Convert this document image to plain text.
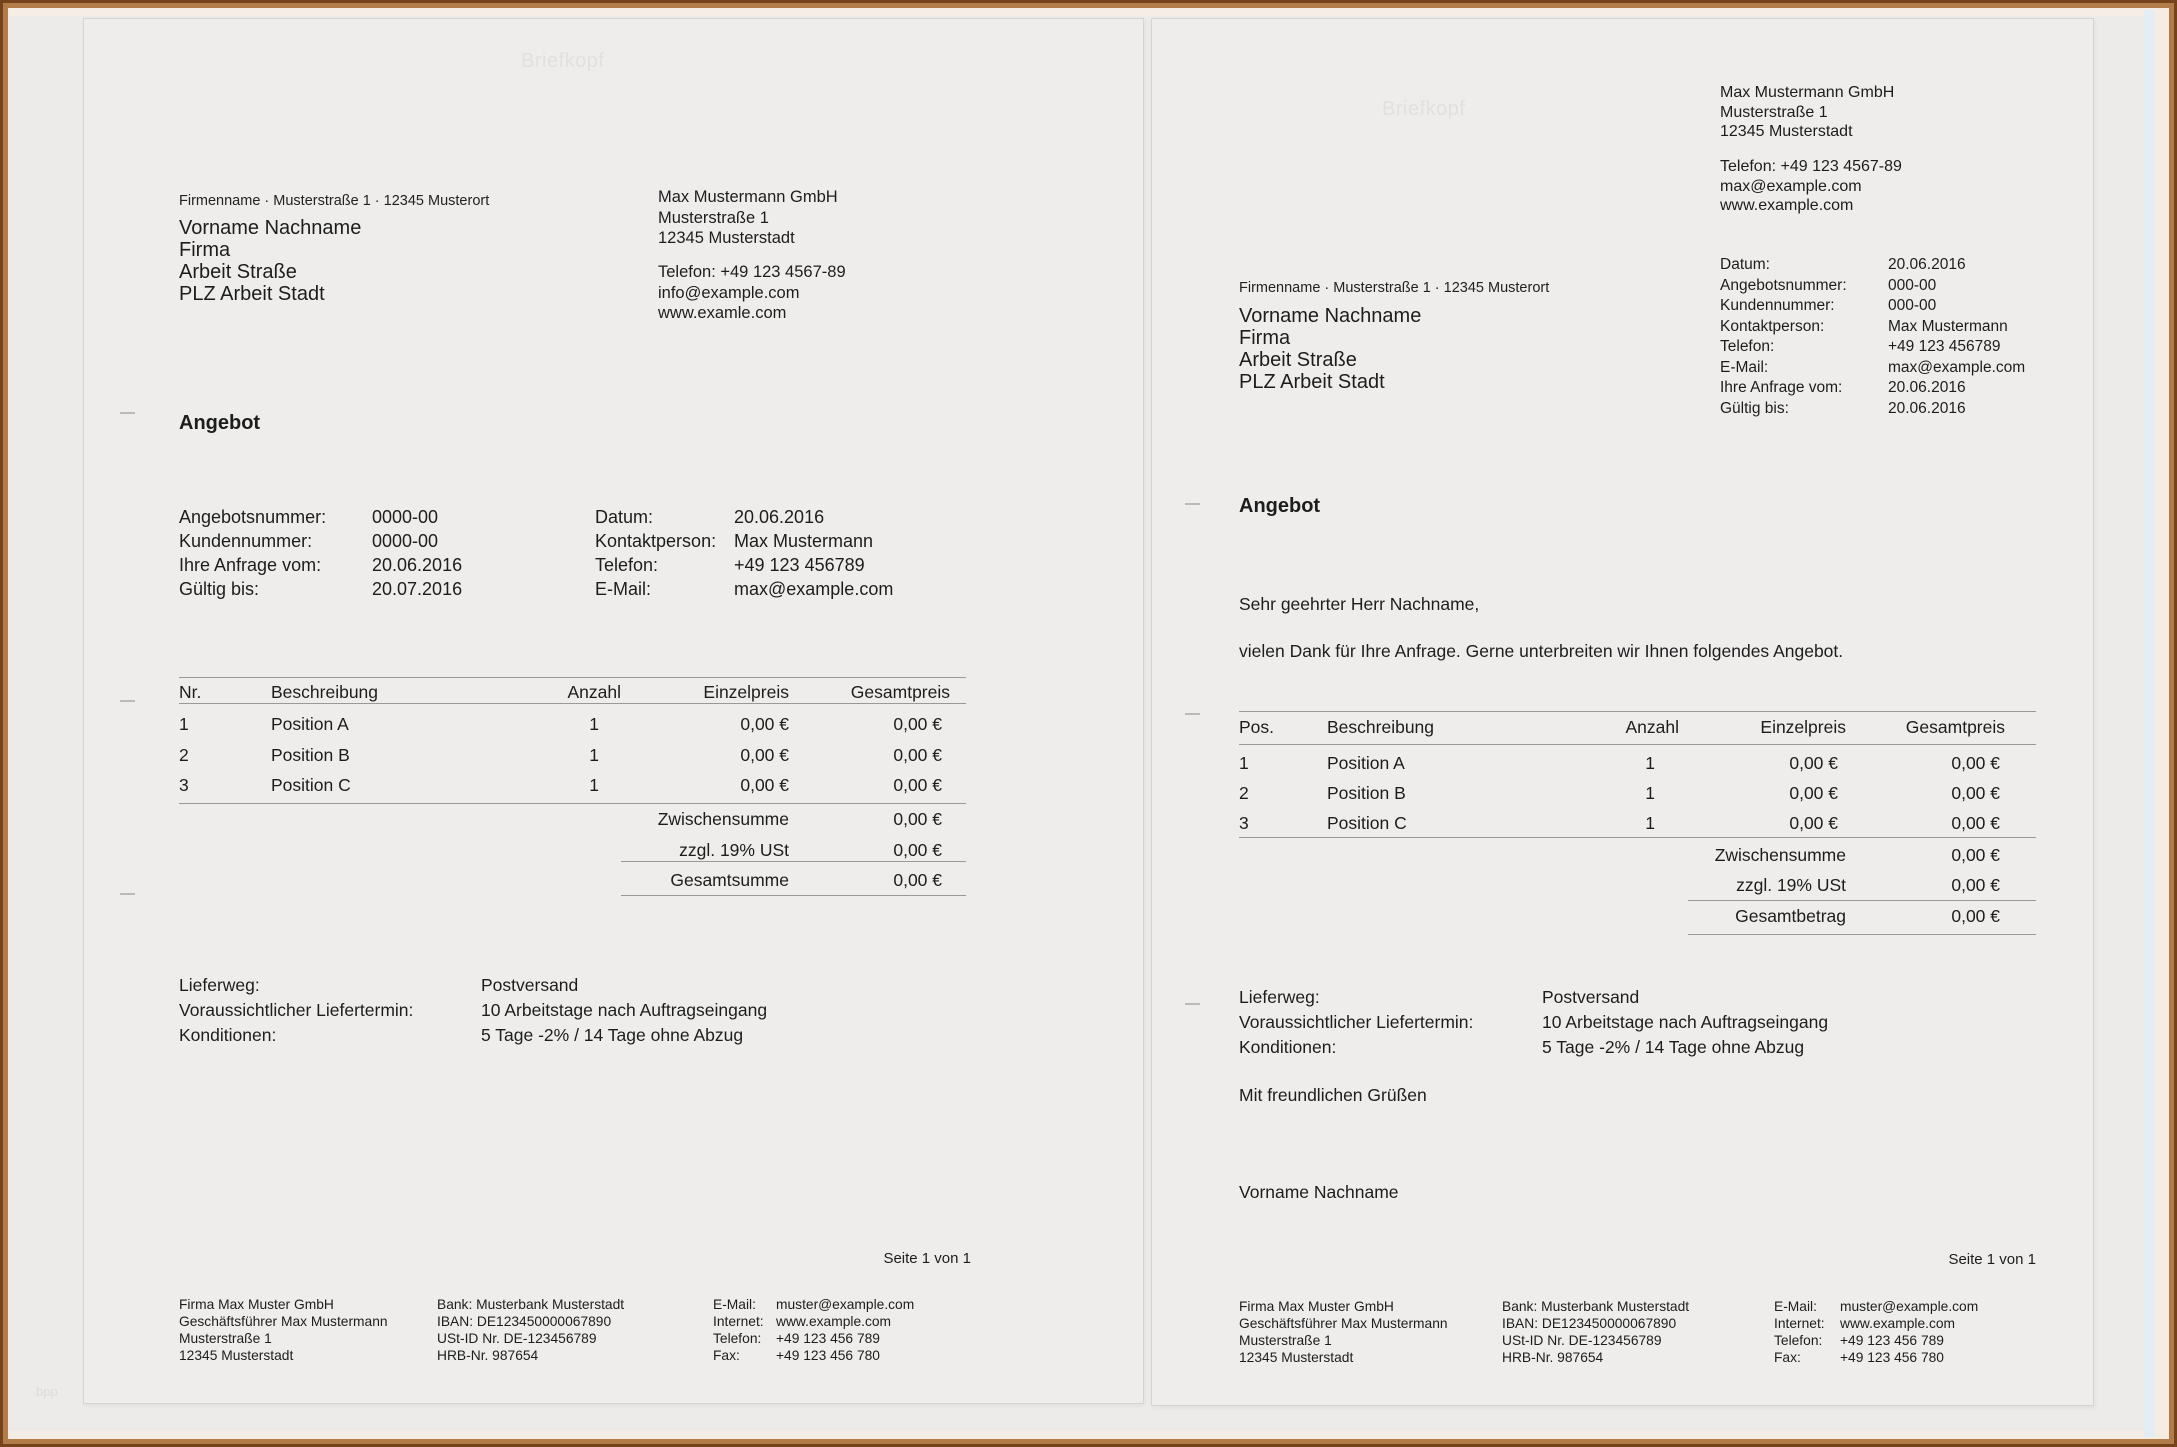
bpp
Briefkopf
Firmenname · Musterstraße 1 · 12345 Musterort
Vorname Nachname
Firma
Arbeit Straße
PLZ Arbeit Stadt
Max Mustermann GmbH
Musterstraße 1
12345 Musterstadt
Telefon: +49 123 4567-89
info@example.com
www.examle.com
Angebot
Angebotsnummer:	0000-00	Datum:	20.06.2016
Kundennummer:	0000-00	Kontaktperson: Max Mustermann
Ihre Anfrage vom:	20.06.2016	Telefon:	+49 123 456789
Gültig bis:	20.07.2016	E-Mail:	max@example.com
Nr.	Beschreibung	Anzahl	Einzelpreis	Gesamtpreis
1	Position A	1	0,00 €	0,00 €
2	Position B	1	0,00 €	0,00 €
3	Position C	1	0,00 €	0,00 €
Zwischensumme	0,00 €
zzgl. 19% USt	0,00 €
Gesamtsumme	0,00 €
Lieferweg:	Postversand
Voraussichtlicher Liefertermin:	10 Arbeitstage nach Auftragseingang
Konditionen:	5 Tage -2% / 14 Tage ohne Abzug
Seite 1 von 1
Firma Max Muster GmbH
Geschäftsführer Max Mustermann
Musterstraße 1
12345 Musterstadt
Bank: Musterbank Musterstadt
IBAN: DE123450000067890
USt-ID Nr. DE-123456789
HRB-Nr. 987654
E-Mail:	muster@example.com
Internet: www.example.com
Telefon:	+49 123 456 789
Fax:	+49 123 456 780
Briefkopf
Max Mustermann GmbH
Musterstraße 1
12345 Musterstadt
Telefon: +49 123 4567-89
max@example.com
www.example.com
Datum:	20.06.2016
Angebotsnummer:	000-00
Kundennummer:	000-00
Kontaktperson:	Max Mustermann
Telefon:	+49 123 456789
E-Mail:	max@example.com
Ihre Anfrage vom:	20.06.2016
Gültig bis:	20.06.2016
Firmenname · Musterstraße 1 · 12345 Musterort
Vorname Nachname
Firma
Arbeit Straße
PLZ Arbeit Stadt
Angebot
Sehr geehrter Herr Nachname,
vielen Dank für Ihre Anfrage. Gerne unterbreiten wir Ihnen folgendes Angebot.
Pos.	Beschreibung	Anzahl	Einzelpreis	Gesamtpreis
1	Position A	1	0,00 €	0,00 €
2	Position B	1	0,00 €	0,00 €
3	Position C	1	0,00 €	0,00 €
Zwischensumme	0,00 €
zzgl. 19% USt	0,00 €
Gesamtbetrag	0,00 €
Lieferweg:	Postversand
Voraussichtlicher Liefertermin:	10 Arbeitstage nach Auftragseingang
Konditionen:	5 Tage -2% / 14 Tage ohne Abzug
Mit freundlichen Grüßen
Vorname Nachname
Seite 1 von 1
Firma Max Muster GmbH
Geschäftsführer Max Mustermann
Musterstraße 1
12345 Musterstadt
Bank: Musterbank Musterstadt
IBAN: DE123450000067890
USt-ID Nr. DE-123456789
HRB-Nr. 987654
E-Mail:	muster@example.com
Internet:	www.example.com
Telefon:	+49 123 456 789
Fax:	+49 123 456 780
